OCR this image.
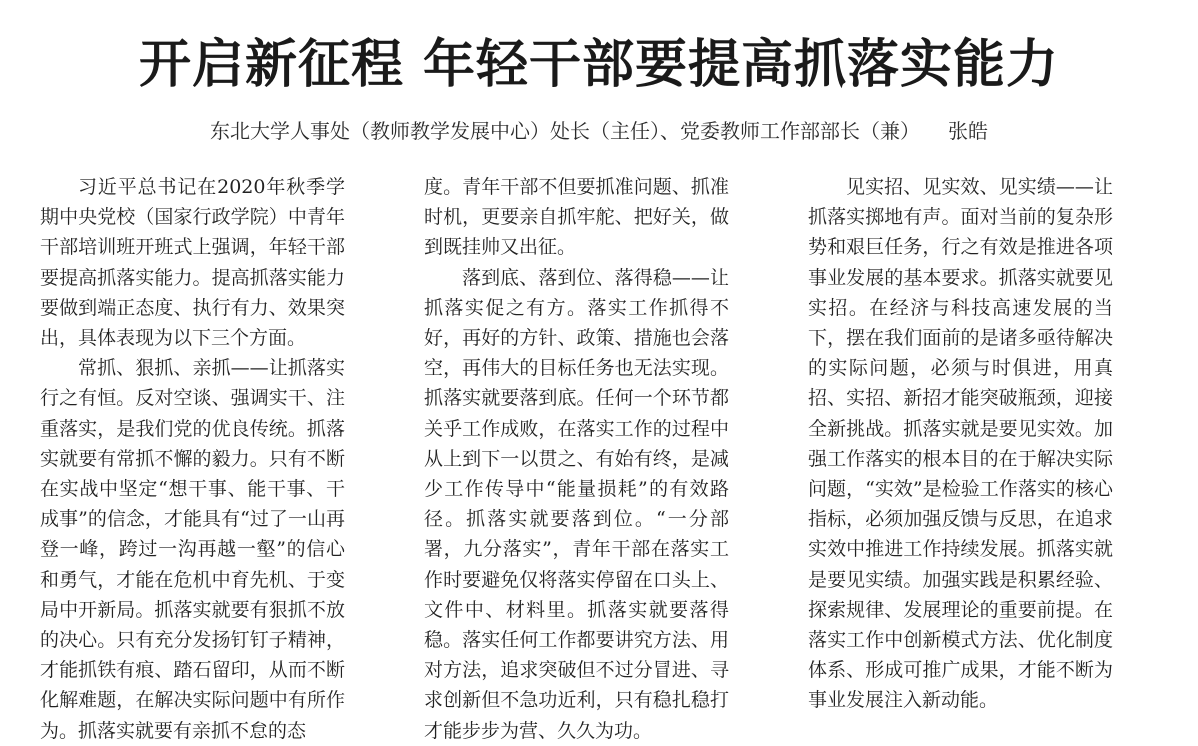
开启新征程 年轻干部要提高抓落实能力
东北大学人事处（教师教学发展中心）处长（主任）、党委教师工作部部长（兼） 张皓

习近平总书记在2020年秋季学期中央党校（国家行政学院）中青年干部培训班开班式上强调，年轻干部要提高抓落实能力。提高抓落实能力要做到端正态度、执行有力、效果突出，具体表现为以下三个方面。

常抓、狠抓、亲抓——让抓落实行之有恒。反对空谈、强调实干、注重落实，是我们党的优良传统。抓落实就要有常抓不懈的毅力。只有不断在实战中坚定“想干事、能干事、干成事”的信念，才能具有“过了一山再登一峰，跨过一沟再越一壑”的信心和勇气，才能在危机中育先机、于变局中开新局。抓落实就要有狠抓不放的决心。只有充分发扬钉钉子精神，才能抓铁有痕、踏石留印，从而不断化解难题，在解决实际问题中有所作为。抓落实就要有亲抓不怠的态

度。青年干部不但要抓准问题、抓准时机，更要亲自抓牢舵、把好关，做到既挂帅又出征。

落到底、落到位、落得稳——让抓落实促之有方。落实工作抓得不好，再好的方针、政策、措施也会落空，再伟大的目标任务也无法实现。抓落实就要落到底。任何一个环节都关乎工作成败，在落实工作的过程中从上到下一以贯之、有始有终，是减少工作传导中“能量损耗”的有效路径。抓落实就要落到位。“一分部署，九分落实”，青年干部在落实工作时要避免仅将落实停留在口头上、文件中、材料里。抓落实就要落得稳。落实任何工作都要讲究方法、用对方法，追求突破但不过分冒进、寻求创新但不急功近利，只有稳扎稳打才能步步为营、久久为功。

见实招、见实效、见实绩——让抓落实掷地有声。面对当前的复杂形势和艰巨任务，行之有效是推进各项事业发展的基本要求。抓落实就要见实招。在经济与科技高速发展的当下，摆在我们面前的是诸多亟待解决的实际问题，必须与时俱进，用真招、实招、新招才能突破瓶颈，迎接全新挑战。抓落实就是要见实效。加强工作落实的根本目的在于解决实际问题，“实效”是检验工作落实的核心指标，必须加强反馈与反思，在追求实效中推进工作持续发展。抓落实就是要见实绩。加强实践是积累经验、探索规律、发展理论的重要前提。在落实工作中创新模式方法、优化制度体系、形成可推广成果，才能不断为事业发展注入新动能。
